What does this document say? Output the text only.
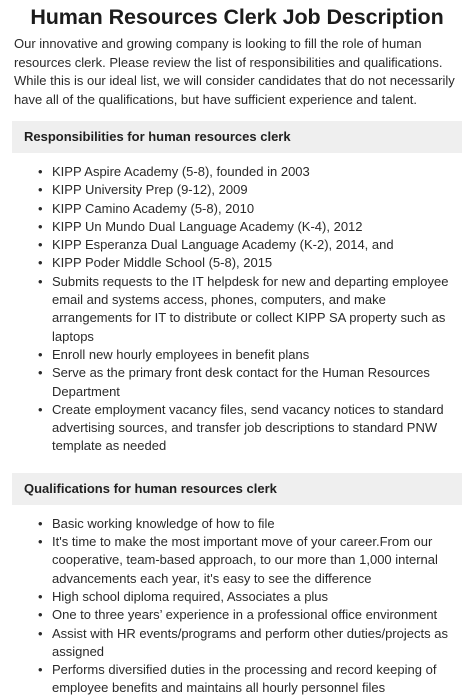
Human Resources Clerk Job Description

Our innovative and growing company is looking to fill the role of human resources clerk. Please review the list of responsibilities and qualifications. While this is our ideal list, we will consider candidates that do not necessarily have all of the qualifications, but have sufficient experience and talent.

Responsibilities for human resources clerk
• KIPP Aspire Academy (5-8), founded in 2003
• KIPP University Prep (9-12), 2009
• KIPP Camino Academy (5-8), 2010
• KIPP Un Mundo Dual Language Academy (K-4), 2012
• KIPP Esperanza Dual Language Academy (K-2), 2014, and
• KIPP Poder Middle School (5-8), 2015
• Submits requests to the IT helpdesk for new and departing employee email and systems access, phones, computers, and make arrangements for IT to distribute or collect KIPP SA property such as laptops
• Enroll new hourly employees in benefit plans
• Serve as the primary front desk contact for the Human Resources Department
• Create employment vacancy files, send vacancy notices to standard advertising sources, and transfer job descriptions to standard PNW template as needed
Qualifications for human resources clerk
• Basic working knowledge of how to file
• It's time to make the most important move of your career.From our cooperative, team-based approach, to our more than 1,000 internal advancements each year, it's easy to see the difference
• High school diploma required, Associates a plus
• One to three years’ experience in a professional office environment
• Assist with HR events/programs and perform other duties/projects as assigned
• Performs diversified duties in the processing and record keeping of employee benefits and maintains all hourly personnel files
